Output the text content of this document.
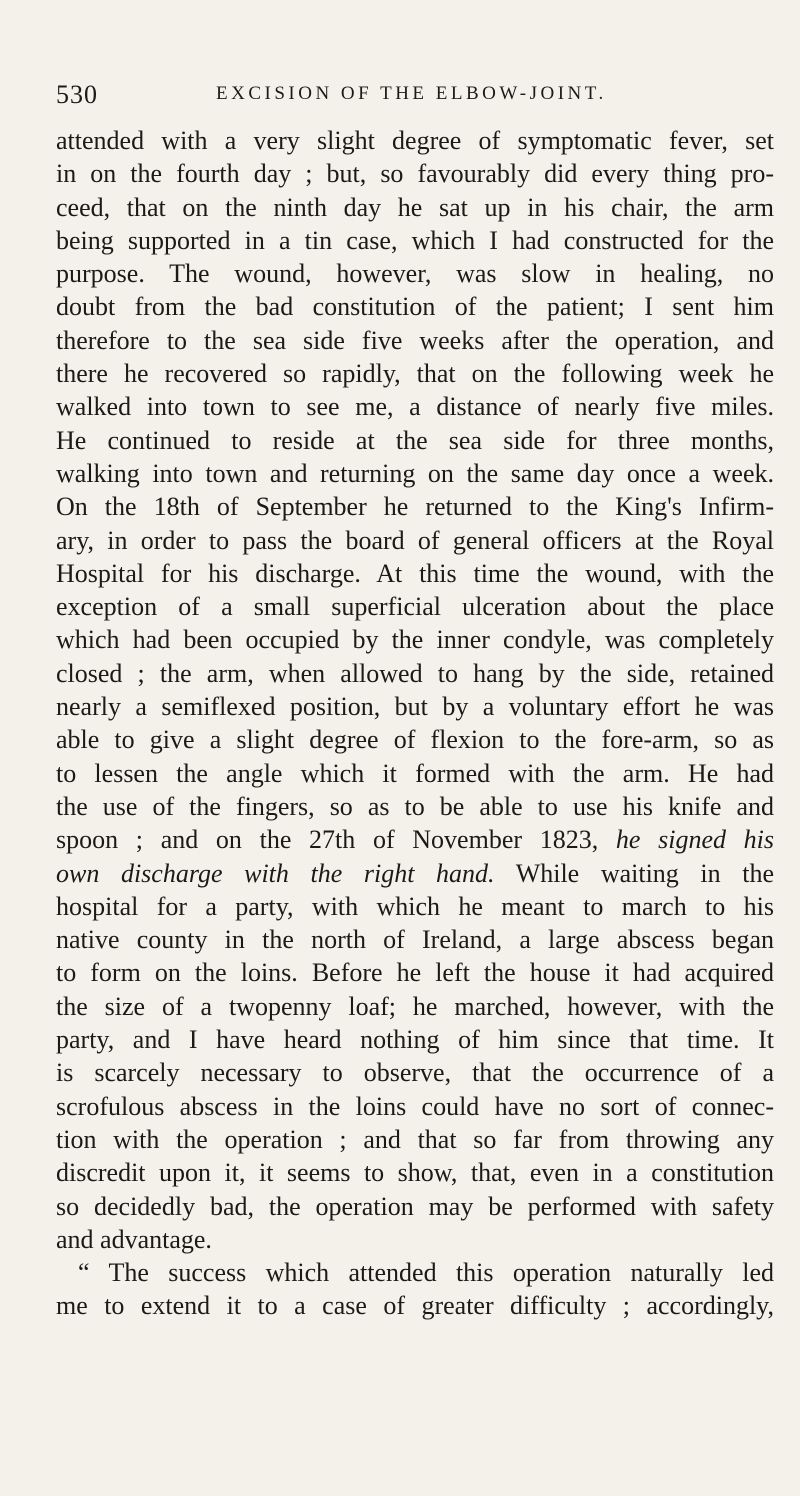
530	EXCISION OF THE ELBOW-JOINT.
attended with a very slight degree of symptomatic fever, set
in on the fourth day ; but, so favourably did every thing pro-
ceed, that on the ninth day he sat up in his chair, the arm
being supported in a tin case, which I had constructed for the
purpose. The wound, however, was slow in healing, no
doubt from the bad constitution of the patient; I sent him
therefore to the sea side five weeks after the operation, and
there he recovered so rapidly, that on the following week he
walked into town to see me, a distance of nearly five miles.
He continued to reside at the sea side for three months,
walking into town and returning on the same day once a week.
On the 18th of September he returned to the King's Infirm-
ary, in order to pass the board of general officers at the Royal
Hospital for his discharge. At this time the wound, with the
exception of a small superficial ulceration about the place
which had been occupied by the inner condyle, was completely
closed ; the arm, when allowed to hang by the side, retained
nearly a semiflexed position, but by a voluntary effort he was
able to give a slight degree of flexion to the fore-arm, so as
to lessen the angle which it formed with the arm. He had
the use of the fingers, so as to be able to use his knife and
spoon ; and on the 27th of November 1823, he signed his
own discharge with the right hand. While waiting in the
hospital for a party, with which he meant to march to his
native county in the north of Ireland, a large abscess began
to form on the loins. Before he left the house it had acquired
the size of a twopenny loaf; he marched, however, with the
party, and I have heard nothing of him since that time. It
is scarcely necessary to observe, that the occurrence of a
scrofulous abscess in the loins could have no sort of connec-
tion with the operation ; and that so far from throwing any
discredit upon it, it seems to show, that, even in a constitution
so decidedly bad, the operation may be performed with safety
and advantage.
“ The success which attended this operation naturally led
me to extend it to a case of greater difficulty ; accordingly,
